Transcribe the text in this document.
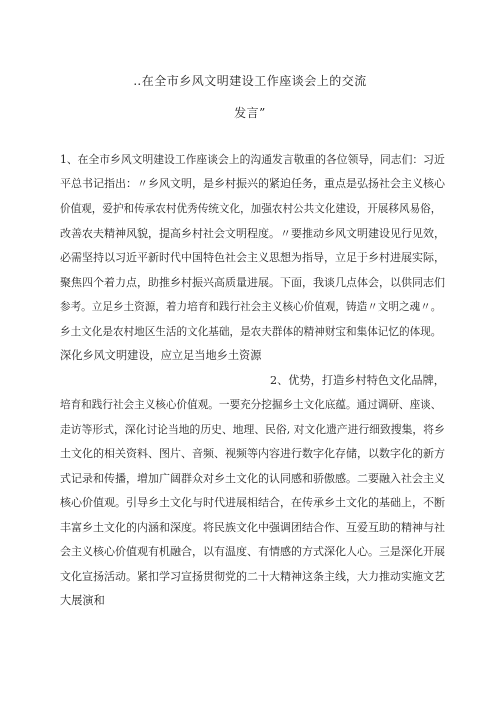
‥在全市乡风文明建设工作座谈会上的交流
发言”
1、在全市乡风文明建设工作座谈会上的沟通发言敬重的各位领导，同志们：习近
平总书记指出：〃乡风文明，是乡村振兴的紧迫任务，重点是弘扬社会主义核心
价值观，爱护和传承农村优秀传统文化，加强农村公共文化建设，开展移风易俗，
改善农夫精神风貌，提高乡村社会文明程度。〃要推动乡风文明建设见行见效，
必需坚持以习近平新时代中国特色社会主义思想为指导，立足于乡村进展实际，
聚焦四个着力点，助推乡村振兴高质量进展。下面，我谈几点体会，以供同志们
参考。立足乡土资源，着力培育和践行社会主义核心价值观，铸造〃文明之魂〃。
乡土文化是农村地区生活的文化基础，是农夫群体的精神财宝和集体记忆的体现。
深化乡风文明建设，应立足当地乡土资源
2、优势，打造乡村特色文化品牌，
培育和践行社会主义核心价值观。一要充分挖掘乡土文化底蕴。通过调研、座谈、
走访等形式，深化讨论当地的历史、地理、民俗, 对文化遗产进行细致搜集，将乡
土文化的相关资料、图片、音频、视频等内容进行数字化存储，以数字化的新方
式记录和传播，增加广阔群众对乡土文化的认同感和骄傲感。二要融入社会主义
核心价值观。引导乡土文化与时代进展相结合，在传承乡土文化的基础上，不断
丰富乡土文化的内涵和深度。将民族文化中强调团结合作、互爱互助的精神与社
会主义核心价值观有机融合，以有温度、有情感的方式深化人心。三是深化开展
文化宣扬活动。紧扣学习宣扬贯彻党的二十大精神这条主线，大力推动实施文艺
大展演和
